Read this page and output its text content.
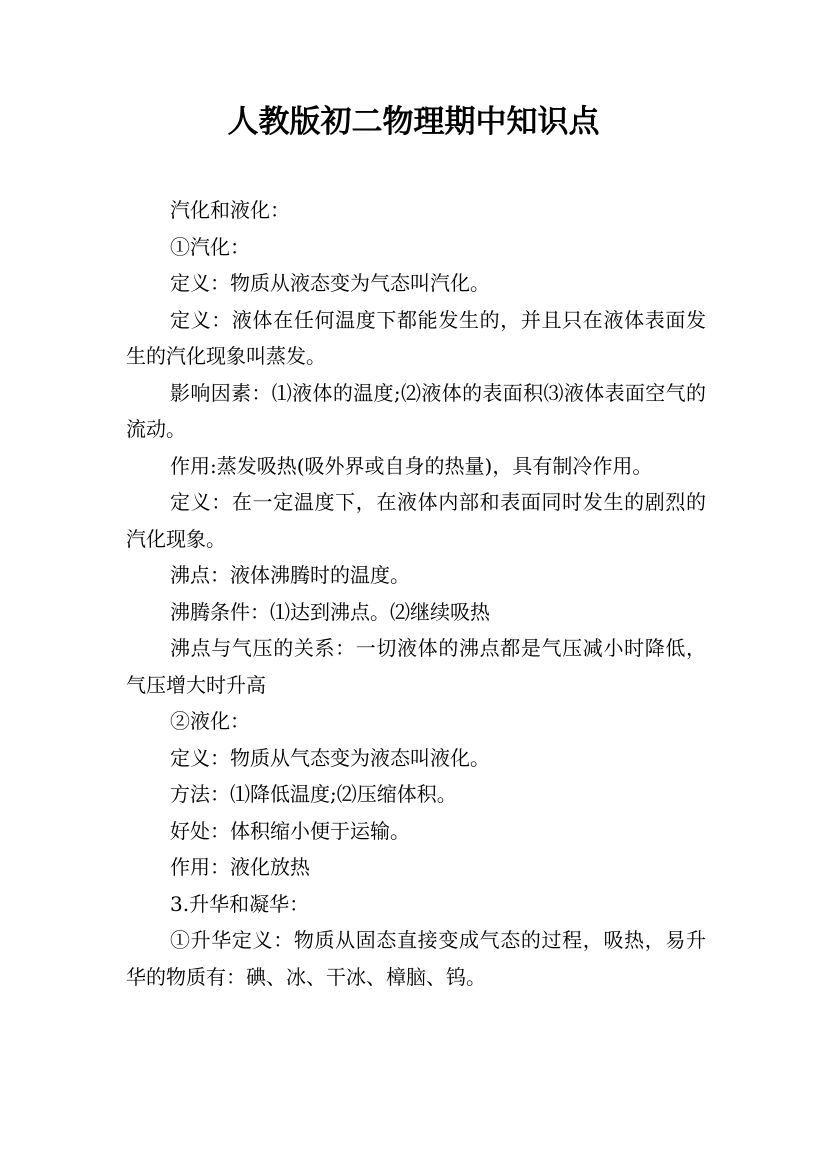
人教版初二物理期中知识点

汽化和液化：

①汽化：

定义：物质从液态变为气态叫汽化。

定义：液体在任何温度下都能发生的，并且只在液体表面发生的汽化现象叫蒸发。

影响因素：⑴液体的温度;⑵液体的表面积⑶液体表面空气的流动。

作用:蒸发吸热(吸外界或自身的热量)，具有制冷作用。

定义：在一定温度下，在液体内部和表面同时发生的剧烈的汽化现象。

沸点：液体沸腾时的温度。

沸腾条件：⑴达到沸点。⑵继续吸热

沸点与气压的关系：一切液体的沸点都是气压减小时降低，气压增大时升高

②液化：

定义：物质从气态变为液态叫液化。

方法：⑴降低温度;⑵压缩体积。

好处：体积缩小便于运输。

作用：液化放热

3.升华和凝华：

①升华定义：物质从固态直接变成气态的过程，吸热，易升华的物质有：碘、冰、干冰、樟脑、钨。
